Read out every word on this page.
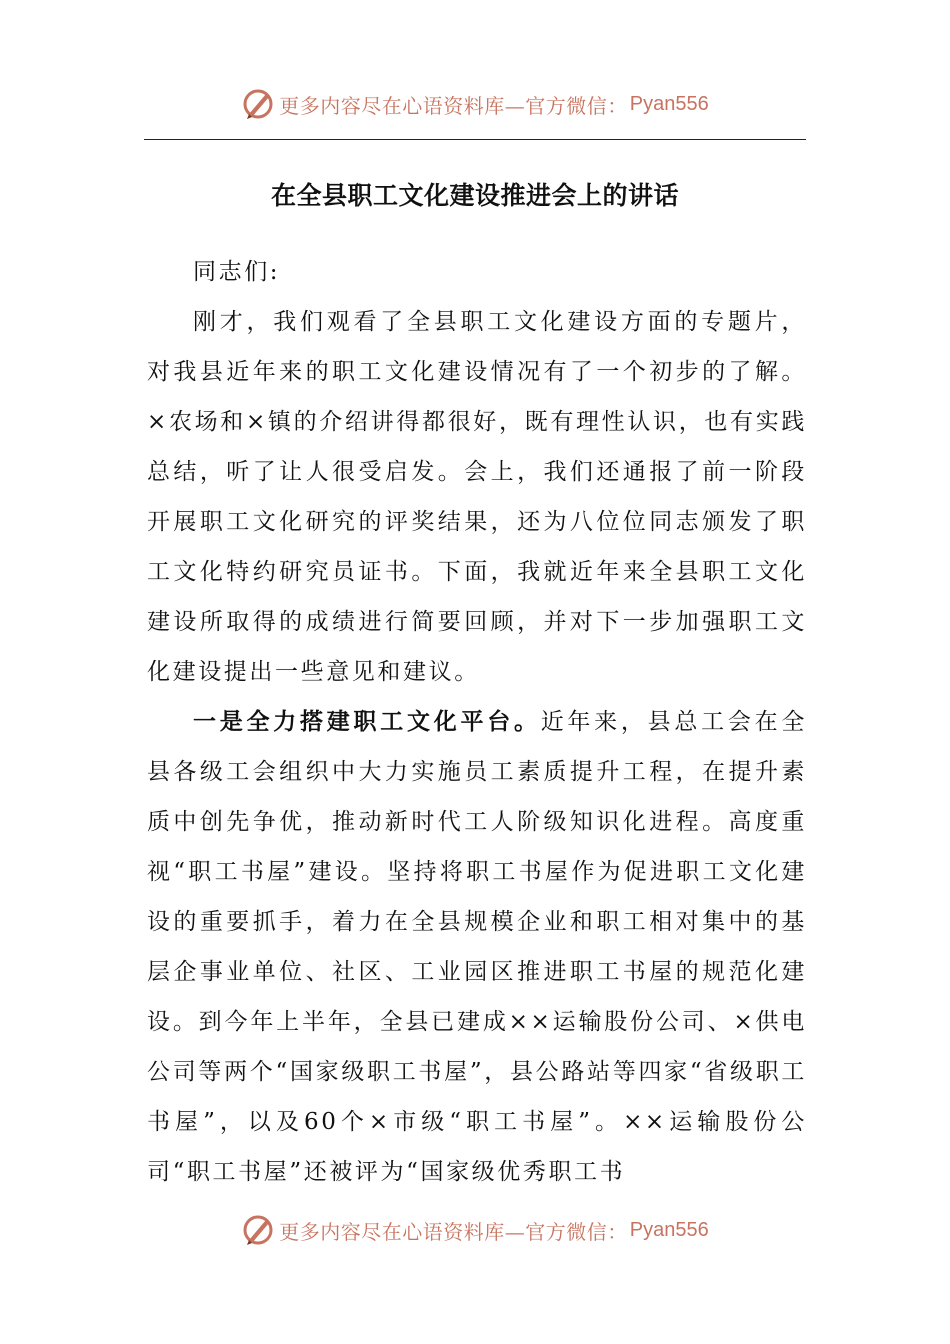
更多内容尽在心语资料库—官方微信： Pyan556
在全县职工文化建设推进会上的讲话

同志们:

刚才，我们观看了全县职工文化建设方面的专题片，对我县近年来的职工文化建设情况有了一个初步的了解。×农场和×镇的介绍讲得都很好，既有理性认识，也有实践总结，听了让人很受启发。会上，我们还通报了前一阶段开展职工文化研究的评奖结果，还为八位位同志颁发了职工文化特约研究员证书。下面，我就近年来全县职工文化建设所取得的成绩进行简要回顾，并对下一步加强职工文化建设提出一些意见和建议。

一是全力搭建职工文化平台。近年来，县总工会在全县各级工会组织中大力实施员工素质提升工程，在提升素质中创先争优，推动新时代工人阶级知识化进程。高度重视“职工书屋”建设。坚持将职工书屋作为促进职工文化建设的重要抓手，着力在全县规模企业和职工相对集中的基层企事业单位、社区、工业园区推进职工书屋的规范化建设。到今年上半年，全县已建成××运输股份公司、×供电公司等两个“国家级职工书屋”，县公路站等四家“省级职工书屋”，以及60个×市级“职工书屋”。××运输股份公司“职工书屋”还被评为“国家级优秀职工书

更多内容尽在心语资料库—官方微信： Pyan556
